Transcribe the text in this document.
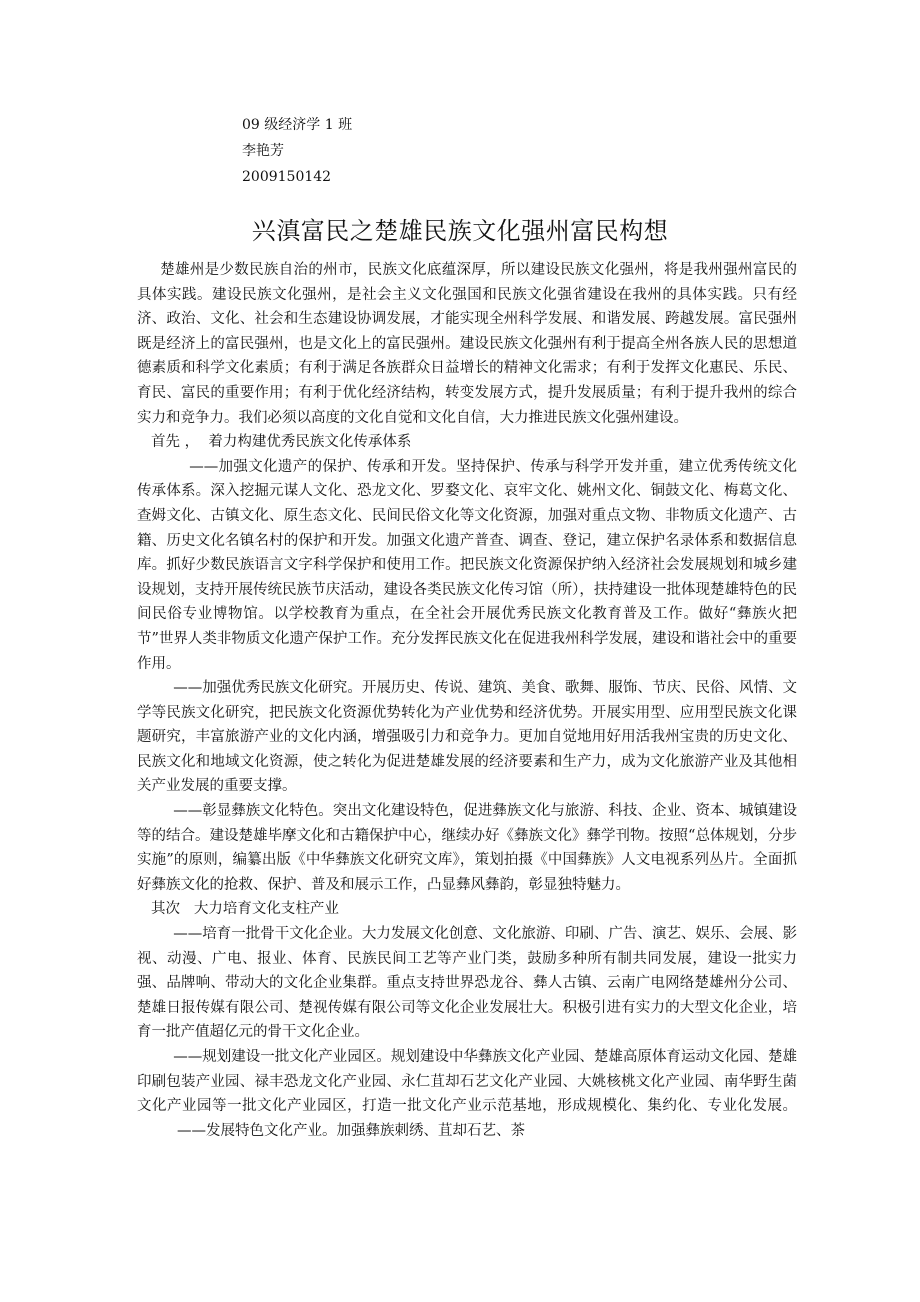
09 级经济学 1 班
李艳芳
2009150142
兴滇富民之楚雄民族文化强州富民构想

楚雄州是少数民族自治的州市，民族文化底蕴深厚，所以建设民族文化强州，将是我州强州富民的具体实践。建设民族文化强州，是社会主义文化强国和民族文化强省建设在我州的具体实践。只有经济、政治、文化、社会和生态建设协调发展，才能实现全州科学发展、和谐发展、跨越发展。富民强州既是经济上的富民强州，也是文化上的富民强州。建设民族文化强州有利于提高全州各族人民的思想道德素质和科学文化素质；有利于满足各族群众日益增长的精神文化需求；有利于发挥文化惠民、乐民、育民、富民的重要作用；有利于优化经济结构，转变发展方式，提升发展质量；有利于提升我州的综合实力和竞争力。我们必须以高度的文化自觉和文化自信，大力推进民族文化强州建设。

首先 ，  着力构建优秀民族文化传承体系

——加强文化遗产的保护、传承和开发。坚持保护、传承与科学开发并重，建立优秀传统文化传承体系。深入挖掘元谋人文化、恐龙文化、罗婺文化、哀牢文化、姚州文化、铜鼓文化、梅葛文化、查姆文化、古镇文化、原生态文化、民间民俗文化等文化资源，加强对重点文物、非物质文化遗产、古籍、历史文化名镇名村的保护和开发。加强文化遗产普查、调查、登记，建立保护名录体系和数据信息库。抓好少数民族语言文字科学保护和使用工作。把民族文化资源保护纳入经济社会发展规划和城乡建设规划，支持开展传统民族节庆活动，建设各类民族文化传习馆（所），扶持建设一批体现楚雄特色的民间民俗专业博物馆。以学校教育为重点，在全社会开展优秀民族文化教育普及工作。做好“彝族火把节”世界人类非物质文化遗产保护工作。充分发挥民族文化在促进我州科学发展，建设和谐社会中的重要作用。

——加强优秀民族文化研究。开展历史、传说、建筑、美食、歌舞、服饰、节庆、民俗、风情、文学等民族文化研究，把民族文化资源优势转化为产业优势和经济优势。开展实用型、应用型民族文化课题研究，丰富旅游产业的文化内涵，增强吸引力和竞争力。更加自觉地用好用活我州宝贵的历史文化、民族文化和地域文化资源，使之转化为促进楚雄发展的经济要素和生产力，成为文化旅游产业及其他相关产业发展的重要支撑。

——彰显彝族文化特色。突出文化建设特色，促进彝族文化与旅游、科技、企业、资本、城镇建设等的结合。建设楚雄毕摩文化和古籍保护中心，继续办好《彝族文化》彝学刊物。按照“总体规划，分步实施”的原则，编纂出版《中华彝族文化研究文库》，策划拍摄《中国彝族》人文电视系列丛片。全面抓好彝族文化的抢救、保护、普及和展示工作，凸显彝风彝韵，彰显独特魅力。

其次   大力培育文化支柱产业

——培育一批骨干文化企业。大力发展文化创意、文化旅游、印刷、广告、演艺、娱乐、会展、影视、动漫、广电、报业、体育、民族民间工艺等产业门类，鼓励多种所有制共同发展，建设一批实力强、品牌响、带动大的文化企业集群。重点支持世界恐龙谷、彝人古镇、云南广电网络楚雄州分公司、楚雄日报传媒有限公司、楚视传媒有限公司等文化企业发展壮大。积极引进有实力的大型文化企业，培育一批产值超亿元的骨干文化企业。

——规划建设一批文化产业园区。规划建设中华彝族文化产业园、楚雄高原体育运动文化园、楚雄印刷包装产业园、禄丰恐龙文化产业园、永仁苴却石艺文化产业园、大姚核桃文化产业园、南华野生菌文化产业园等一批文化产业园区，打造一批文化产业示范基地，形成规模化、集约化、专业化发展。——发展特色文化产业。加强彝族刺绣、苴却石艺、茶
